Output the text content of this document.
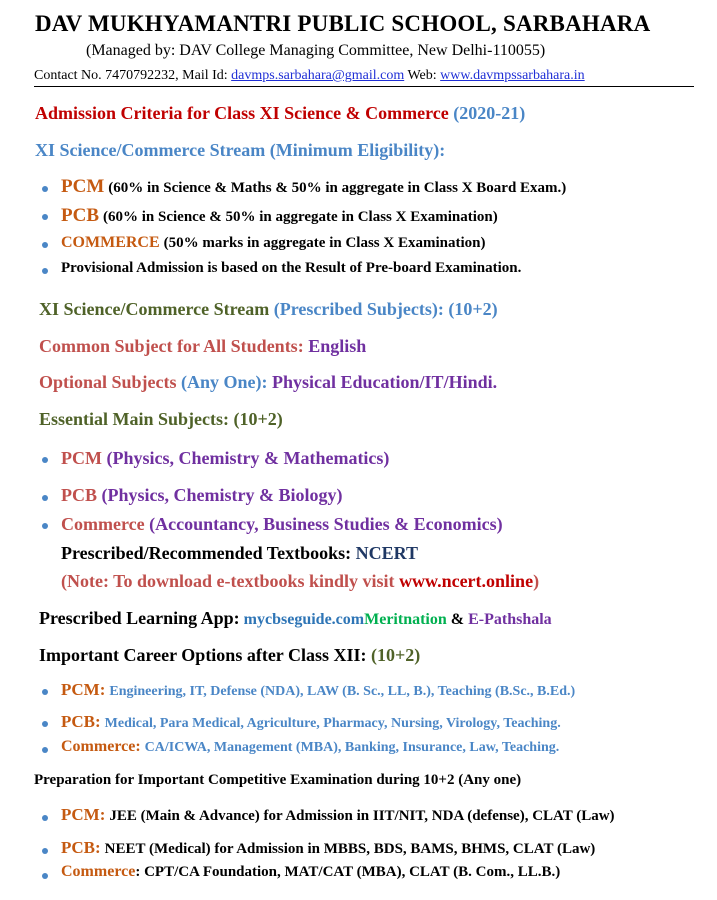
DAV MUKHYAMANTRI PUBLIC SCHOOL, SARBAHARA
(Managed by: DAV College Managing Committee, New Delhi-110055)
Contact No. 7470792232, Mail Id: davmps.sarbahara@gmail.com Web: www.davmpssarbahara.in
Admission Criteria for Class XI Science & Commerce (2020-21)
XI Science/Commerce Stream (Minimum Eligibility):
PCM (60% in Science & Maths & 50% in aggregate in Class X Board Exam.)
PCB (60% in Science & 50% in aggregate in Class X Examination)
COMMERCE (50% marks in aggregate in Class X Examination)
Provisional Admission is based on the Result of Pre-board Examination.
XI Science/Commerce Stream (Prescribed Subjects): (10+2)
Common Subject for All Students: English
Optional Subjects (Any One): Physical Education/IT/Hindi.
Essential Main Subjects: (10+2)
PCM (Physics, Chemistry & Mathematics)
PCB (Physics, Chemistry & Biology)
Commerce (Accountancy, Business Studies & Economics)
Prescribed/Recommended Textbooks: NCERT
(Note: To download e-textbooks kindly visit www.ncert.online)
Prescribed Learning App: mycbseguide.comMeritnation & E-Pathshala
Important Career Options after Class XII: (10+2)
PCM: Engineering, IT, Defense (NDA), LAW (B. Sc., LL, B.), Teaching (B.Sc., B.Ed.)
PCB: Medical, Para Medical, Agriculture, Pharmacy, Nursing, Virology, Teaching.
Commerce: CA/ICWA, Management (MBA), Banking, Insurance, Law, Teaching.
Preparation for Important Competitive Examination during 10+2 (Any one)
PCM: JEE (Main & Advance) for Admission in IIT/NIT, NDA (defense), CLAT (Law)
PCB: NEET (Medical) for Admission in MBBS, BDS, BAMS, BHMS, CLAT (Law)
Commerce: CPT/CA Foundation, MAT/CAT (MBA), CLAT (B. Com., LL.B.)
